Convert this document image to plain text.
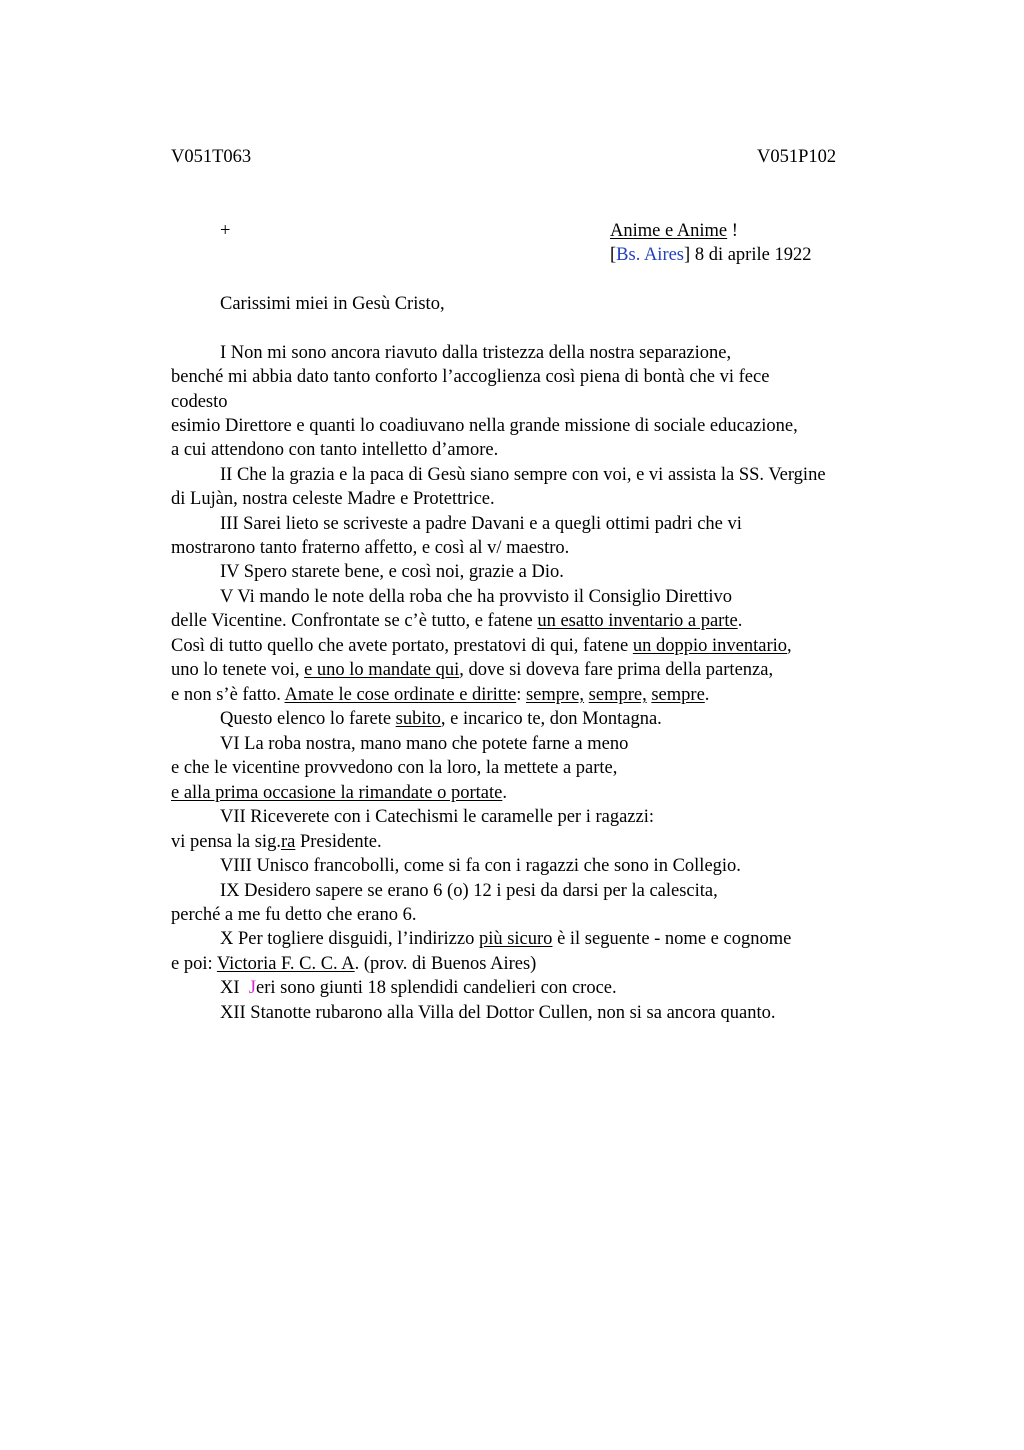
V051T063	V051P102
+	Anime e Anime !
[Bs. Aires] 8 di aprile 1922
Carissimi miei in Gesù Cristo,
I Non mi sono ancora riavuto dalla tristezza della nostra separazione,
benché mi abbia dato tanto conforto l’accoglienza così piena di bontà che vi fece
codesto
esimio Direttore e quanti lo coadiuvano nella grande missione di sociale educazione,
a cui attendono con tanto intelletto d’amore.
II Che la grazia e la paca di Gesù siano sempre con voi, e vi assista la SS. Vergine
di Lujàn, nostra celeste Madre e Protettrice.
III Sarei lieto se scriveste a padre Davani e a quegli ottimi padri che vi
mostrarono tanto fraterno affetto, e così al v/ maestro.
IV Spero starete bene, e così noi, grazie a Dio.
V Vi mando le note della roba che ha provvisto il Consiglio Direttivo
delle Vicentine. Confrontate se c’è tutto, e fatene un esatto inventario a parte.
Così di tutto quello che avete portato, prestatovi di qui, fatene un doppio inventario,
uno lo tenete voi, e uno lo mandate qui, dove si doveva fare prima della partenza,
e non s’è fatto. Amate le cose ordinate e diritte: sempre, sempre, sempre.
Questo elenco lo farete subito, e incarico te, don Montagna.
VI La roba nostra, mano mano che potete farne a meno
e che le vicentine provvedono con la loro, la mettete a parte,
e alla prima occasione la rimandate o portate.
VII Riceverete con i Catechismi le caramelle per i ragazzi:
vi pensa la sig.ra Presidente.
VIII Unisco francobolli, come si fa con i ragazzi che sono in Collegio.
IX Desidero sapere se erano 6 (o) 12 i pesi da darsi per la calescita,
perché a me fu detto che erano 6.
X Per togliere disguidi, l’indirizzo più sicuro è il seguente - nome e cognome
e poi: Victoria F. C. C. A. (prov. di Buenos Aires)
XI  Jeri sono giunti 18 splendidi candelieri con croce.
XII Stanotte rubarono alla Villa del Dottor Cullen, non si sa ancora quanto.
